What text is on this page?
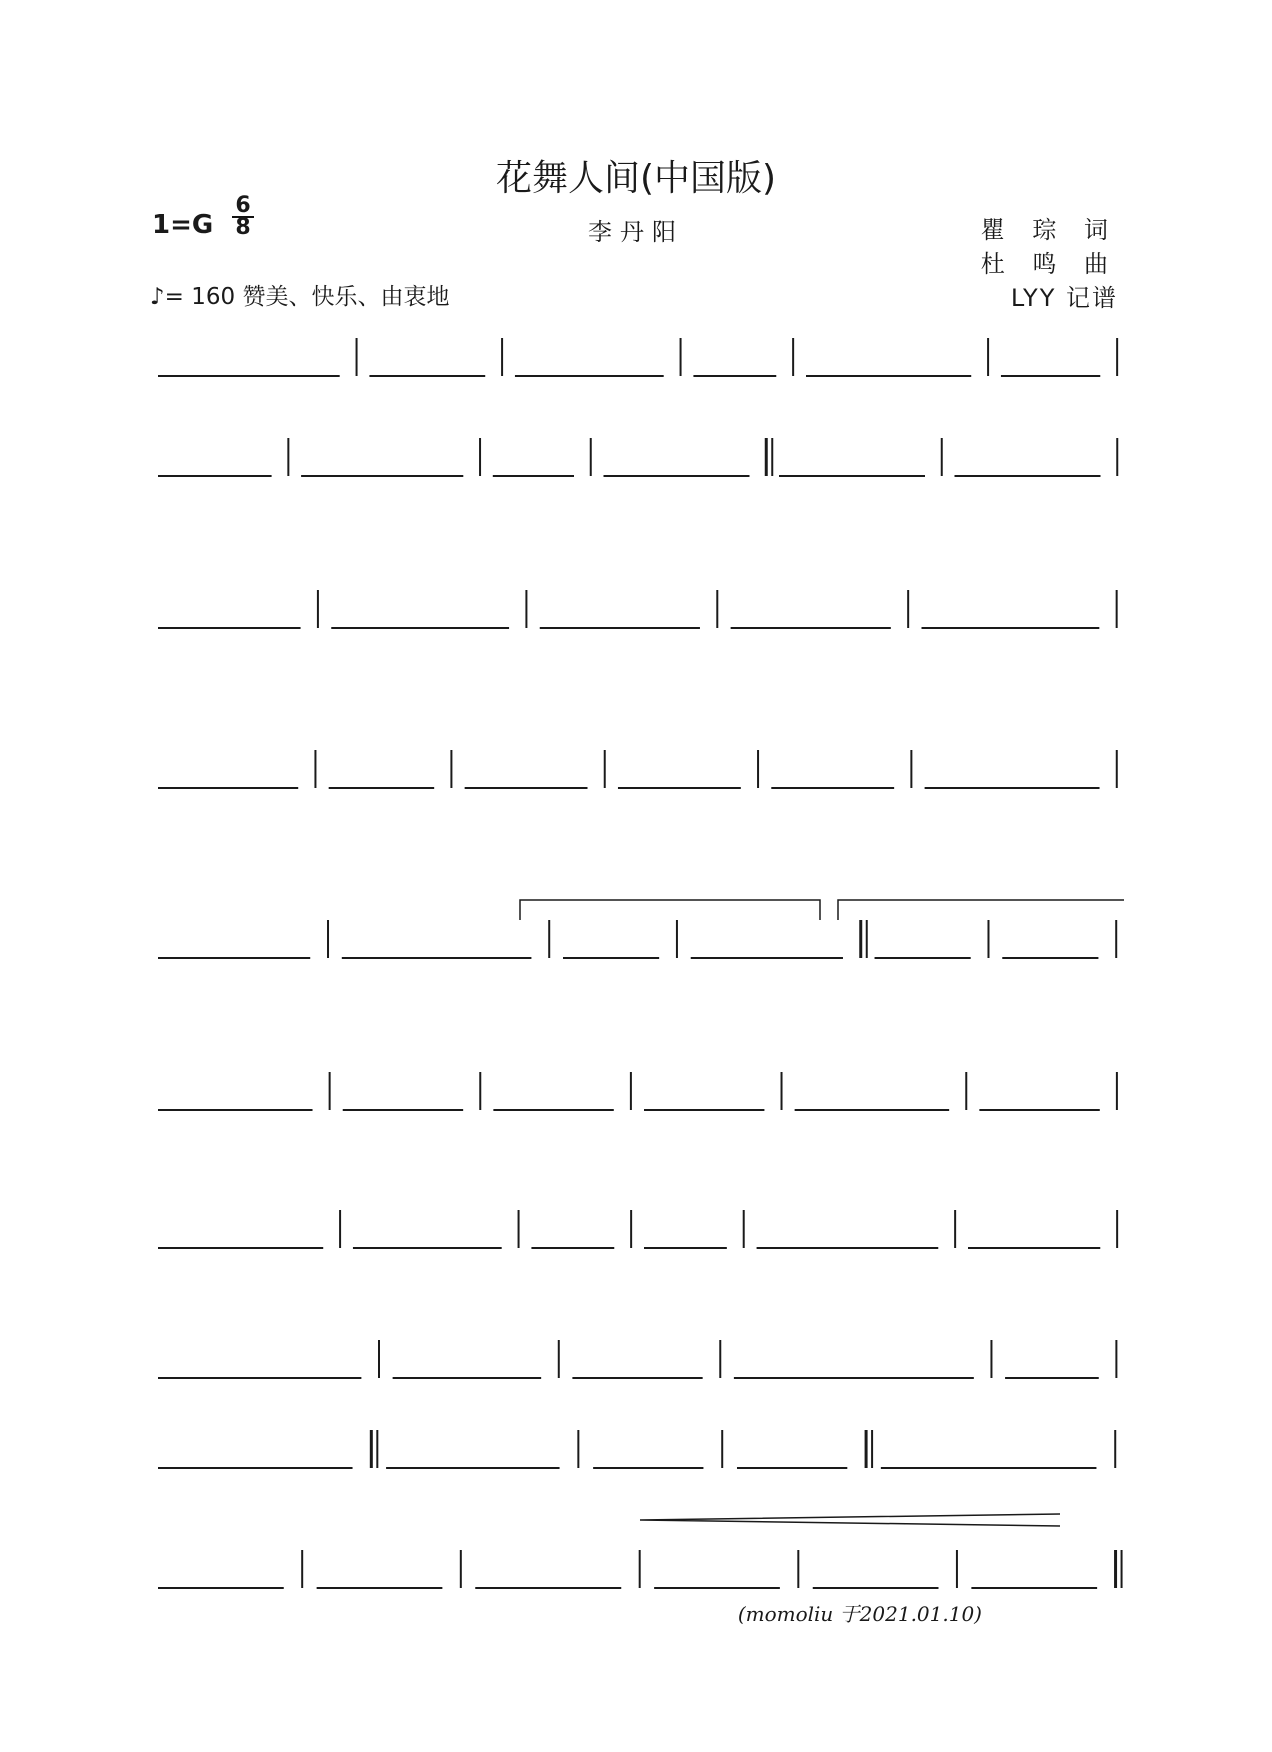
花舞人间(中国版)
李丹阳
1=G
6
8
♪= 160 赞美、快乐、由衷地
瞿 琮 词
杜 鸣 曲
LYY 记谱
(momoliu 于2021.01.10)
